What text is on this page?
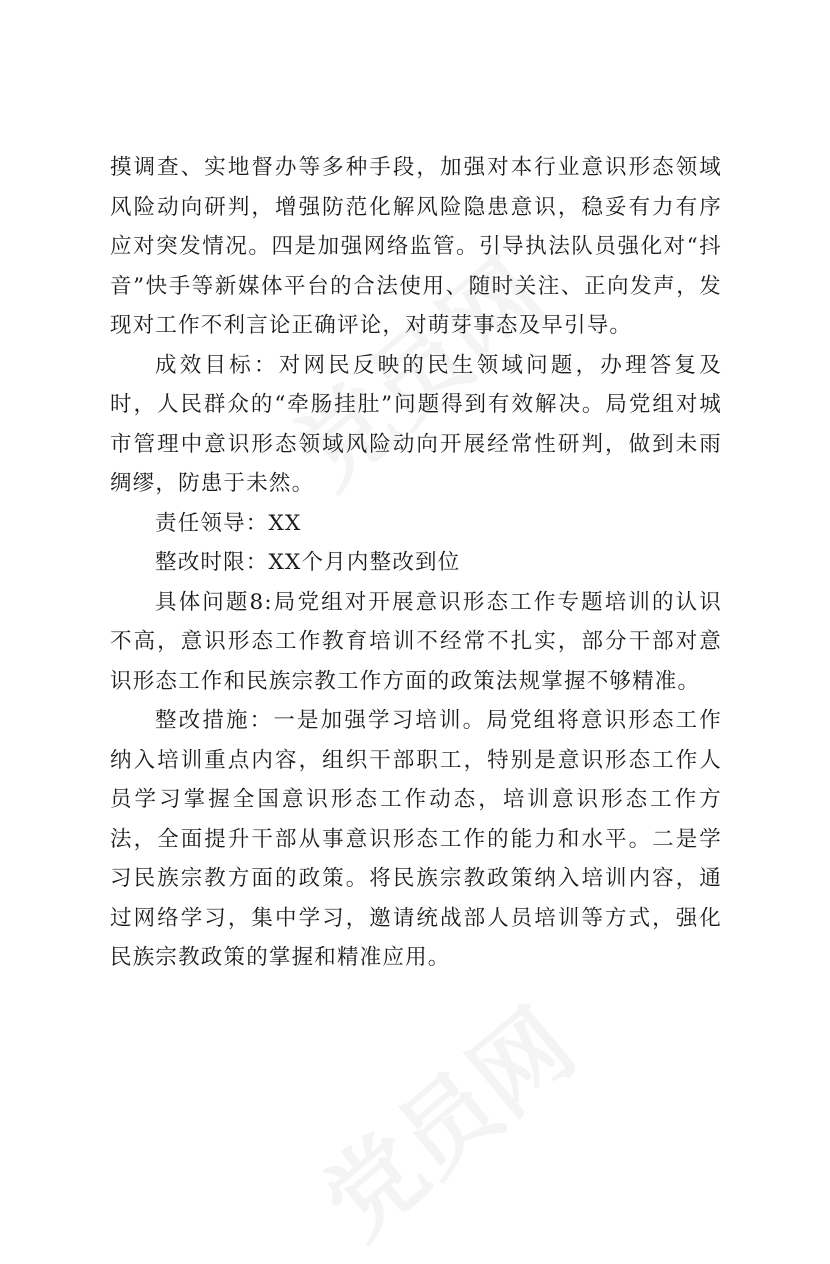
摸调查、实地督办等多种手段，加强对本行业意识形态领域风险动向研判，增强防范化解风险隐患意识，稳妥有力有序应对突发情况。四是加强网络监管。引导执法队员强化对“抖音”快手等新媒体平台的合法使用、随时关注、正向发声，发现对工作不利言论正确评论，对萌芽事态及早引导。

成效目标：对网民反映的民生领域问题，办理答复及时，人民群众的“牵肠挂肚”问题得到有效解决。局党组对城市管理中意识形态领域风险动向开展经常性研判，做到未雨绸缪，防患于未然。

责任领导：XX

整改时限：XX个月内整改到位

具体问题8:局党组对开展意识形态工作专题培训的认识不高，意识形态工作教育培训不经常不扎实，部分干部对意识形态工作和民族宗教工作方面的政策法规掌握不够精准。

整改措施：一是加强学习培训。局党组将意识形态工作纳入培训重点内容，组织干部职工，特别是意识形态工作人员学习掌握全国意识形态工作动态，培训意识形态工作方法，全面提升干部从事意识形态工作的能力和水平。二是学习民族宗教方面的政策。将民族宗教政策纳入培训内容，通过网络学习，集中学习，邀请统战部人员培训等方式，强化民族宗教政策的掌握和精准应用。
